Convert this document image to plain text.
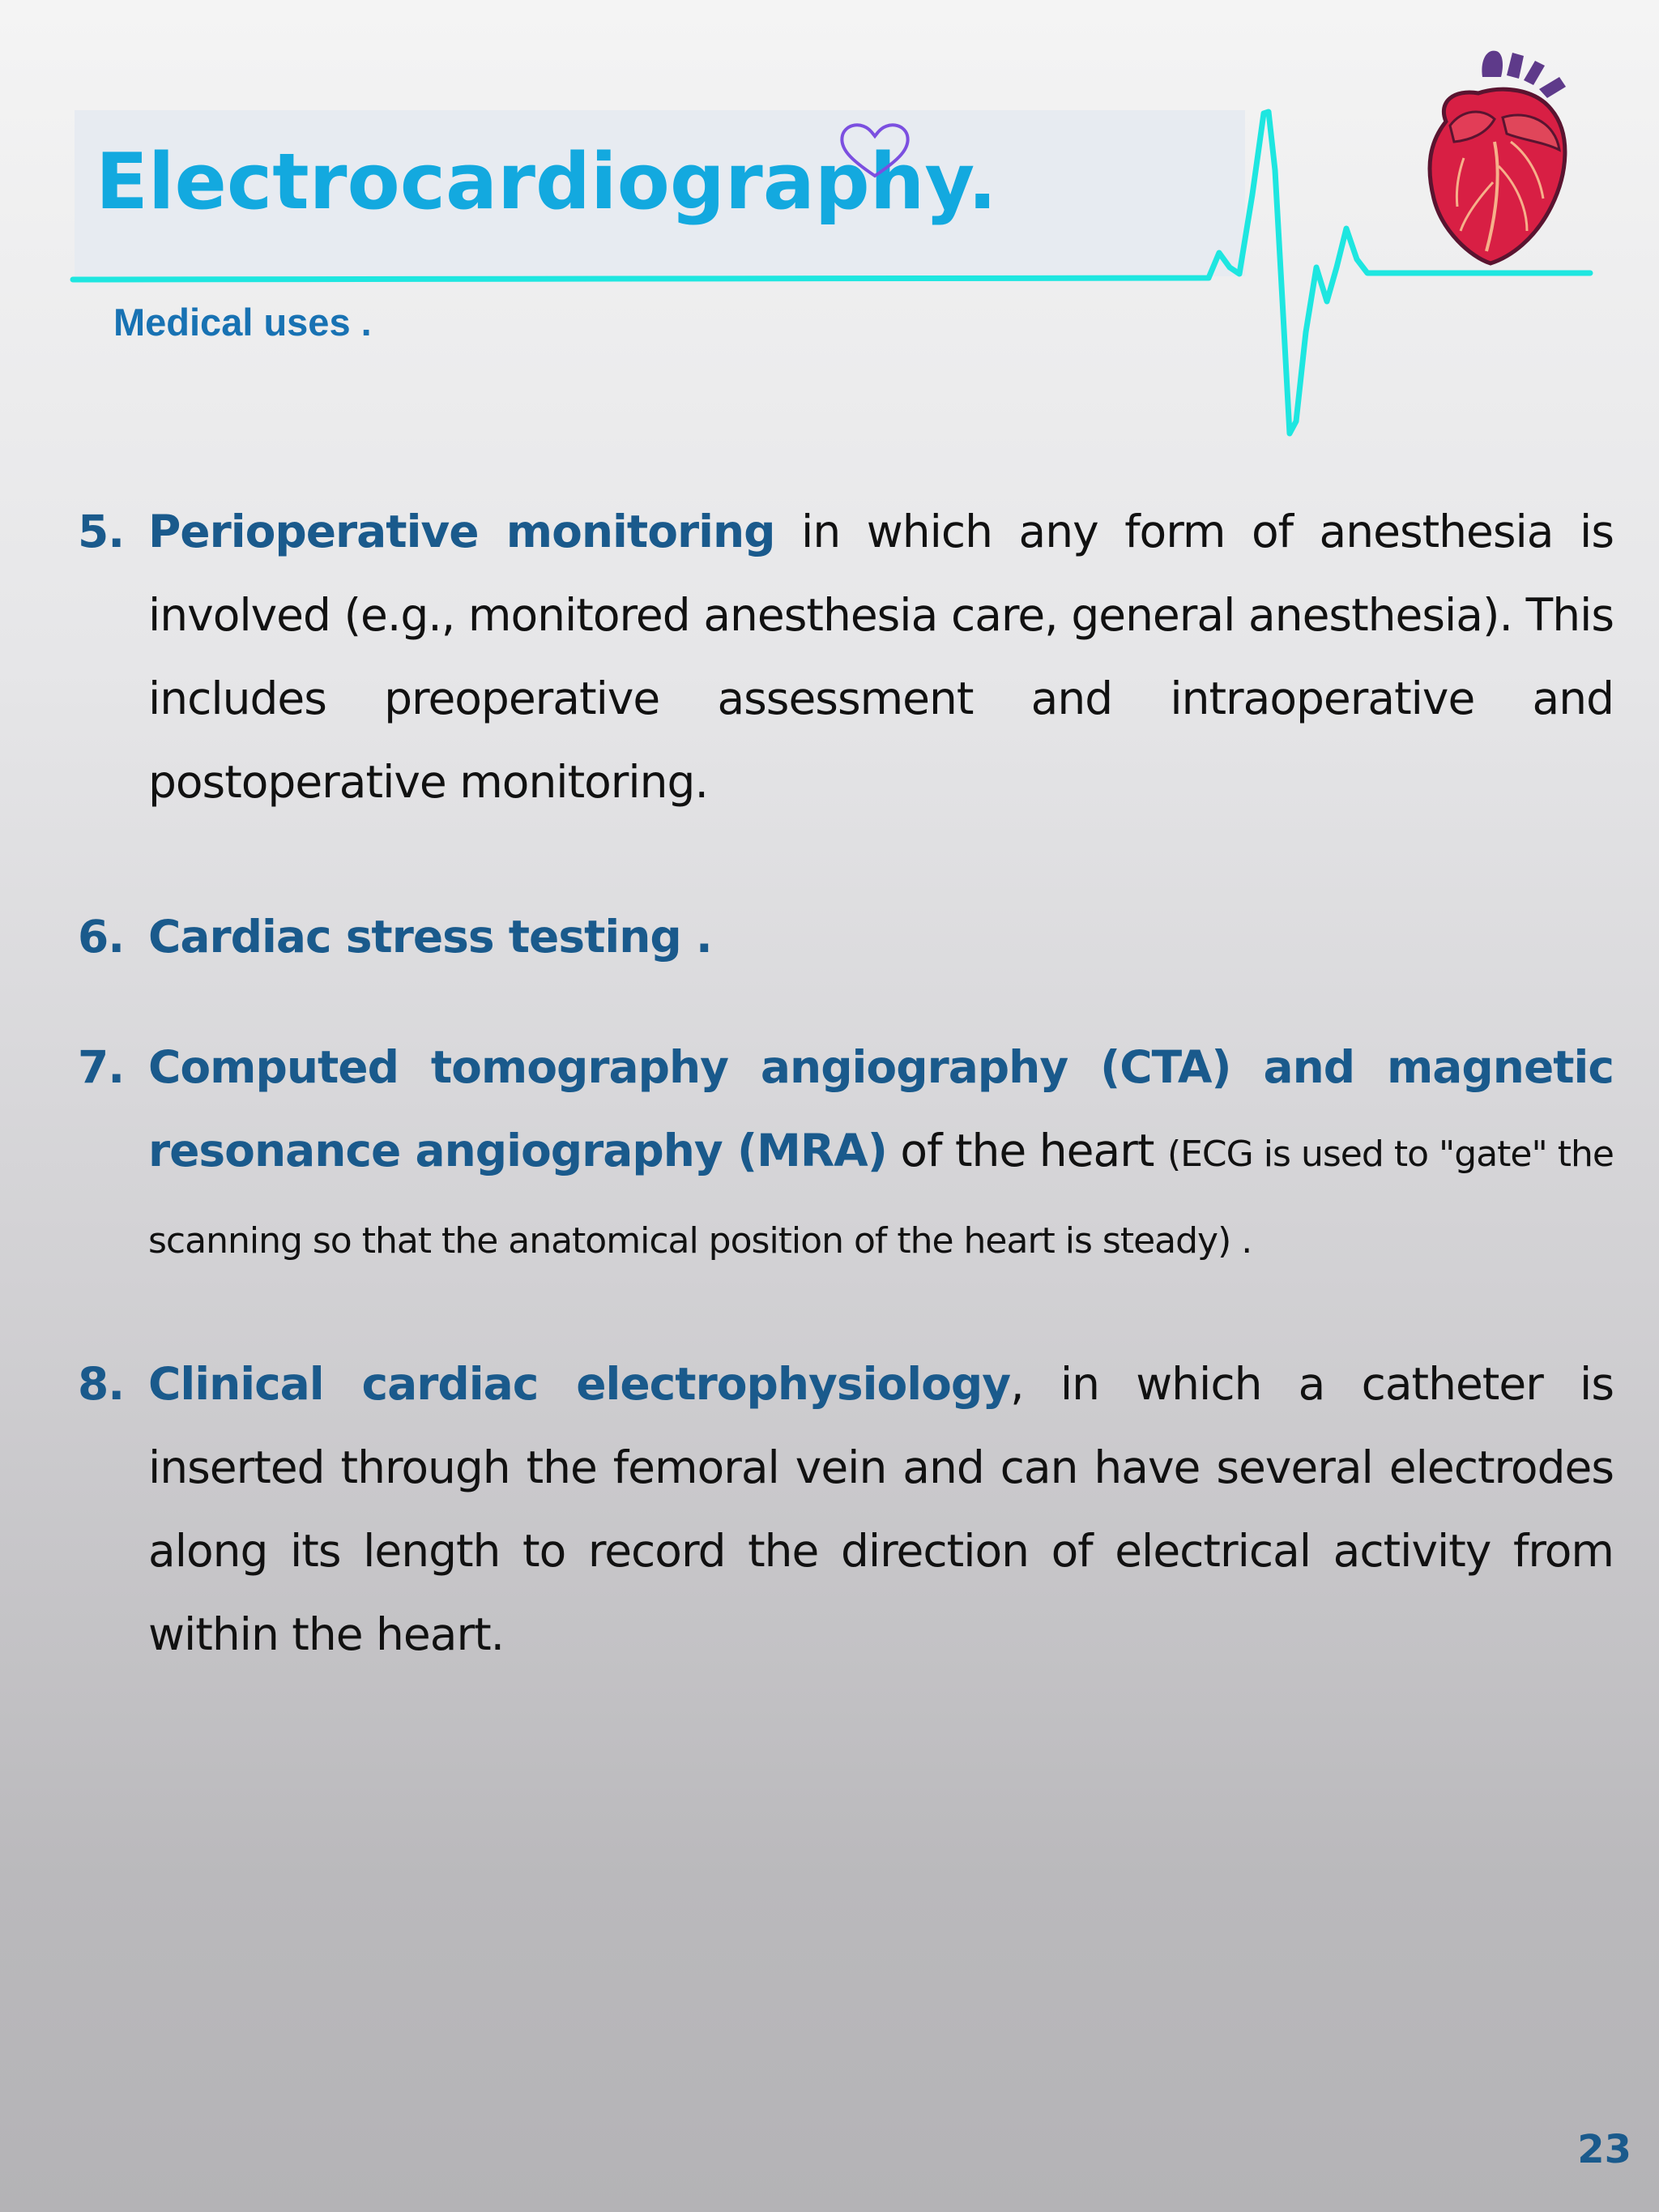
Electrocardiography.
Medical uses .
5. Perioperative monitoring in which any form of anesthesia is involved (e.g., monitored anesthesia care, general anesthesia). This includes preoperative assessment and intraoperative and postoperative monitoring.
6. Cardiac stress testing .
7. Computed tomography angiography (CTA) and magnetic resonance angiography (MRA) of the heart (ECG is used to "gate" the scanning so that the anatomical position of the heart is steady) .
8. Clinical cardiac electrophysiology, in which a catheter is inserted through the femoral vein and can have several electrodes along its length to record the direction of electrical activity from within the heart.
23
